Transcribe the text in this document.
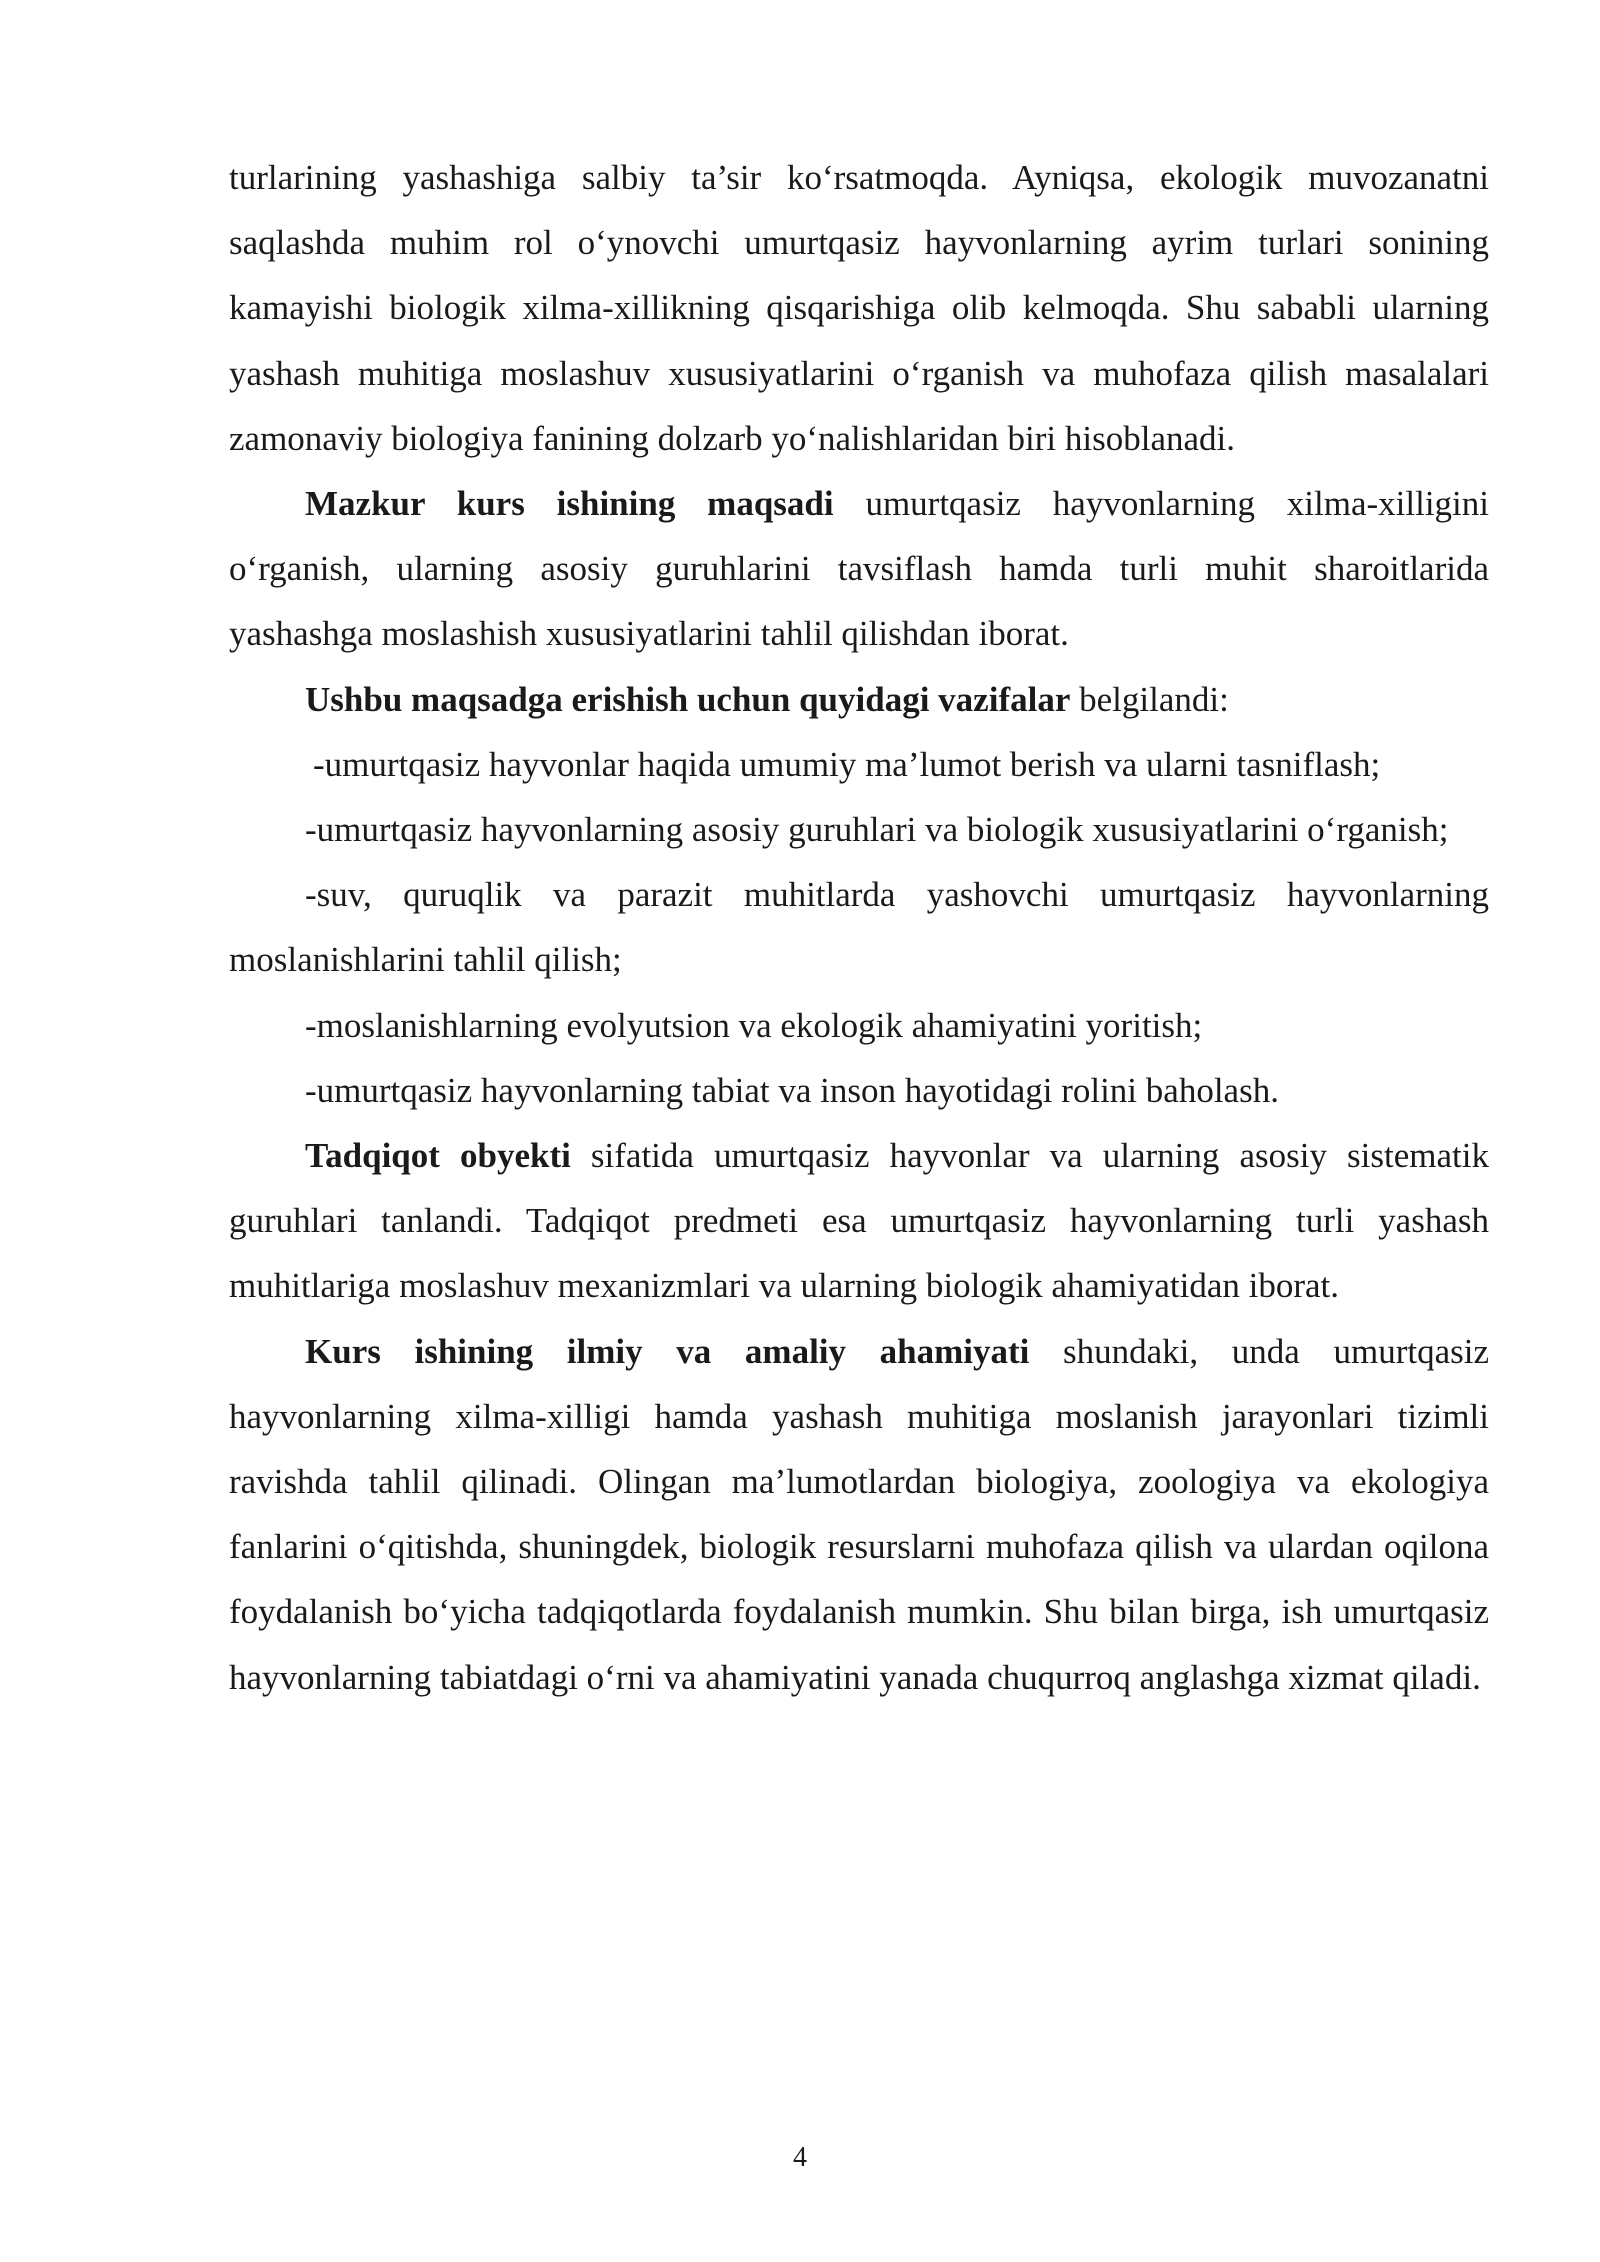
turlarining yashashiga salbiy ta’sir ko‘rsatmoqda. Ayniqsa, ekologik muvozanatni saqlashda muhim rol o‘ynovchi umurtqasiz hayvonlarning ayrim turlari sonining kamayishi biologik xilma-xillikning qisqarishiga olib kelmoqda. Shu sababli ularning yashash muhitiga moslashuv xususiyatlarini o‘rganish va muhofaza qilish masalalari zamonaviy biologiya fanining dolzarb yo‘nalishlaridan biri hisoblanadi.

Mazkur kurs ishining maqsadi umurtqasiz hayvonlarning xilma-xilligini o‘rganish, ularning asosiy guruhlarini tavsiflash hamda turli muhit sharoitlarida yashashga moslashish xususiyatlarini tahlil qilishdan iborat.

Ushbu maqsadga erishish uchun quyidagi vazifalar belgilandi:

-umurtqasiz hayvonlar haqida umumiy ma’lumot berish va ularni tasniflash;

-umurtqasiz hayvonlarning asosiy guruhlari va biologik xususiyatlarini o‘rganish;

-suv, quruqlik va parazit muhitlarda yashovchi umurtqasiz hayvonlarning moslanishlarini tahlil qilish;

-moslanishlarning evolyutsion va ekologik ahamiyatini yoritish;

-umurtqasiz hayvonlarning tabiat va inson hayotidagi rolini baholash.

Tadqiqot obyekti sifatida umurtqasiz hayvonlar va ularning asosiy sistematik guruhlari tanlandi. Tadqiqot predmeti esa umurtqasiz hayvonlarning turli yashash muhitlariga moslashuv mexanizmlari va ularning biologik ahamiyatidan iborat.

Kurs ishining ilmiy va amaliy ahamiyati shundaki, unda umurtqasiz hayvonlarning xilma-xilligi hamda yashash muhitiga moslanish jarayonlari tizimli ravishda tahlil qilinadi. Olingan ma’lumotlardan biologiya, zoologiya va ekologiya fanlarini o‘qitishda, shuningdek, biologik resurslarni muhofaza qilish va ulardan oqilona foydalanish bo‘yicha tadqiqotlarda foydalanish mumkin. Shu bilan birga, ish umurtqasiz hayvonlarning tabiatdagi o‘rni va ahamiyatini yanada chuqurroq anglashga xizmat qiladi.

4
